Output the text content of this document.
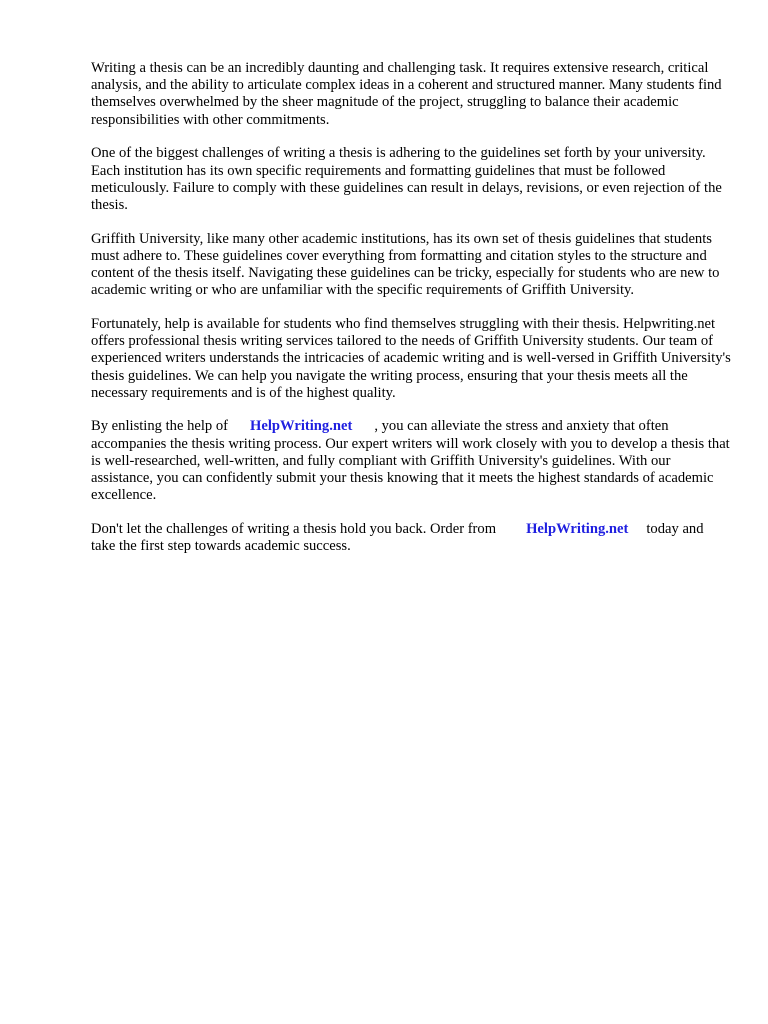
Writing a thesis can be an incredibly daunting and challenging task. It requires extensive research, critical analysis, and the ability to articulate complex ideas in a coherent and structured manner. Many students find themselves overwhelmed by the sheer magnitude of the project, struggling to balance their academic responsibilities with other commitments.

One of the biggest challenges of writing a thesis is adhering to the guidelines set forth by your university. Each institution has its own specific requirements and formatting guidelines that must be followed meticulously. Failure to comply with these guidelines can result in delays, revisions, or even rejection of the thesis.

Griffith University, like many other academic institutions, has its own set of thesis guidelines that students must adhere to. These guidelines cover everything from formatting and citation styles to the structure and content of the thesis itself. Navigating these guidelines can be tricky, especially for students who are new to academic writing or who are unfamiliar with the specific requirements of Griffith University.

Fortunately, help is available for students who find themselves struggling with their thesis. Helpwriting.net offers professional thesis writing services tailored to the needs of Griffith University students. Our team of experienced writers understands the intricacies of academic writing and is well-versed in Griffith University's thesis guidelines. We can help you navigate the writing process, ensuring that your thesis meets all the necessary requirements and is of the highest quality.

By enlisting the help of HelpWriting.net , you can alleviate the stress and anxiety that often accompanies the thesis writing process. Our expert writers will work closely with you to develop a thesis that is well-researched, well-written, and fully compliant with Griffith University's guidelines. With our assistance, you can confidently submit your thesis knowing that it meets the highest standards of academic excellence.

Don't let the challenges of writing a thesis hold you back. Order from HelpWriting.net today and take the first step towards academic success.
